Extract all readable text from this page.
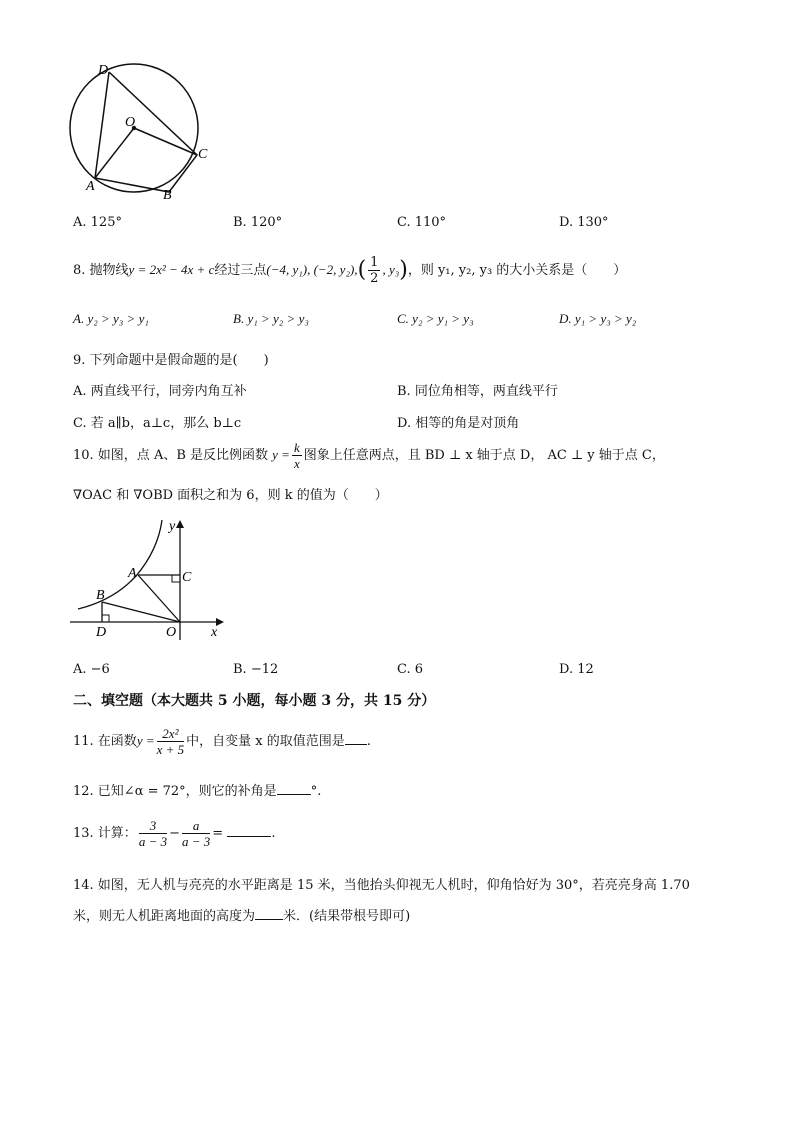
D
O
C
A
B
A. 125°	B. 120°	C. 110°	D. 130°
8. 抛物线y = 2x² − 4x + c经过三点(−4, y₁), (−2, $y_2),( \frac{1}{2}$ , y₃)，则 y₁, y₂, y₃ 的大小关系是（　　）
A. y₂ > y₃ > y₁	B. y₁ > y₂ > y₃	C. y₂ > y₁ > y₃	D. y₁ > y₃ > y₂
9. 下列命题中是假命题的是(　　)
A. 两直线平行，同旁内角互补	B. 同位角相等，两直线平行
C. 若 a∥b，a⊥c，那么 b⊥c	D. 相等的角是对顶角
10. 如图，点 A、B 是反比例函数 $y = \frac{k}{x}$ 图象上任意两点，且 BD ⊥ x 轴于点 D， AC ⊥ y 轴于点 C，
∇OAC 和 ∇OBD 面积之和为 6，则 k 的值为（　　）
y
x
A	C
B
D	O
A. −6	B. −12	C. 6	D. 12
二、填空题（本大题共 5 小题，每小题 3 分，共 15 分）
11. 在函数$y = \frac{\text{2x²}}{x + 5}$ 中，自变量 x 的取值范围是 .
12. 已知∠α = 72°，则它的补角是	°.
13. 计算： $\frac{3}{a - 3} - \frac{a}{a - 3}$ =	.
14. 如图，无人机与亮亮的水平距离是 15 米，当他抬头仰视无人机时，仰角恰好为 30°，若亮亮身高 1.70
米，则无人机距离地面的高度为 米．(结果带根号即可)
